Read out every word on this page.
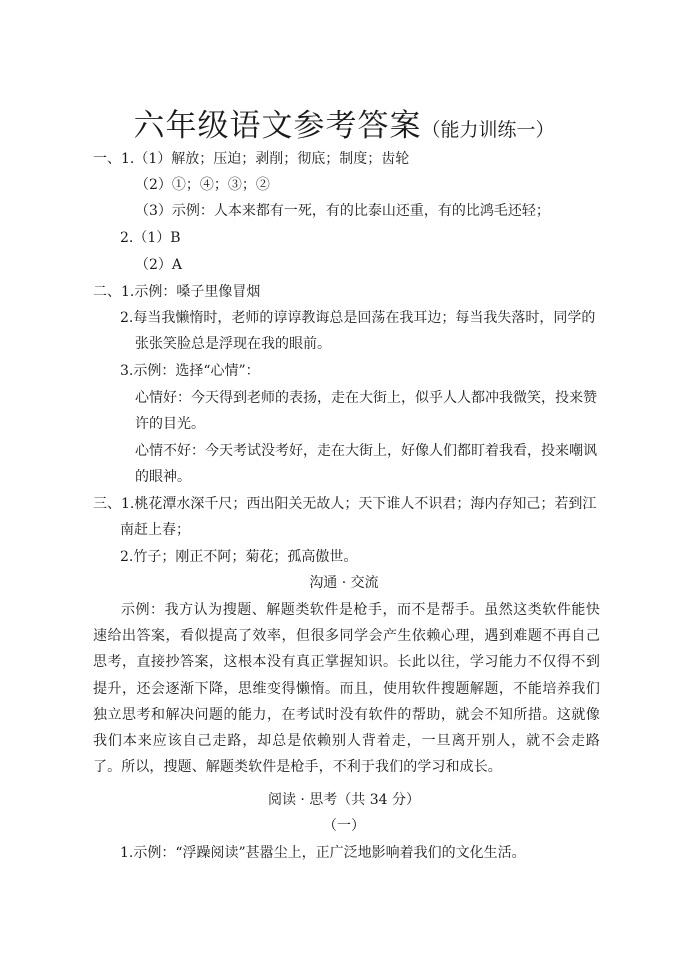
六年级语文参考答案（能力训练一）
一、1.（1）解放；压迫；剥削；彻底；制度；齿轮
（2）①；④；③；②
（3）示例：人本来都有一死，有的比泰山还重，有的比鸿毛还轻；
2.（1）B
（2）A
二、1.示例：嗓子里像冒烟
2.每当我懒惰时，老师的谆谆教诲总是回荡在我耳边；每当我失落时，同学的
张张笑脸总是浮现在我的眼前。
3.示例：选择“心情”：
心情好：今天得到老师的表扬，走在大街上，似乎人人都冲我微笑，投来赞
许的目光。
心情不好：今天考试没考好，走在大街上，好像人们都盯着我看，投来嘲讽
的眼神。
三、1.桃花潭水深千尺；西出阳关无故人；天下谁人不识君；海内存知己；若到江
南赶上春；
2.竹子；刚正不阿；菊花；孤高傲世。
沟通 · 交流
示例：我方认为搜题、解题类软件是枪手，而不是帮手。虽然这类软件能快速给出答案，看似提高了效率，但很多同学会产生依赖心理，遇到难题不再自己思考，直接抄答案，这根本没有真正掌握知识。长此以往，学习能力不仅得不到提升，还会逐渐下降，思维变得懒惰。而且，使用软件搜题解题，不能培养我们独立思考和解决问题的能力，在考试时没有软件的帮助，就会不知所措。这就像我们本来应该自己走路，却总是依赖别人背着走，一旦离开别人，就不会走路了。所以，搜题、解题类软件是枪手，不利于我们的学习和成长。
阅读 · 思考（共 34 分）
（一）
1.示例：“浮躁阅读”甚嚣尘上，正广泛地影响着我们的文化生活。
